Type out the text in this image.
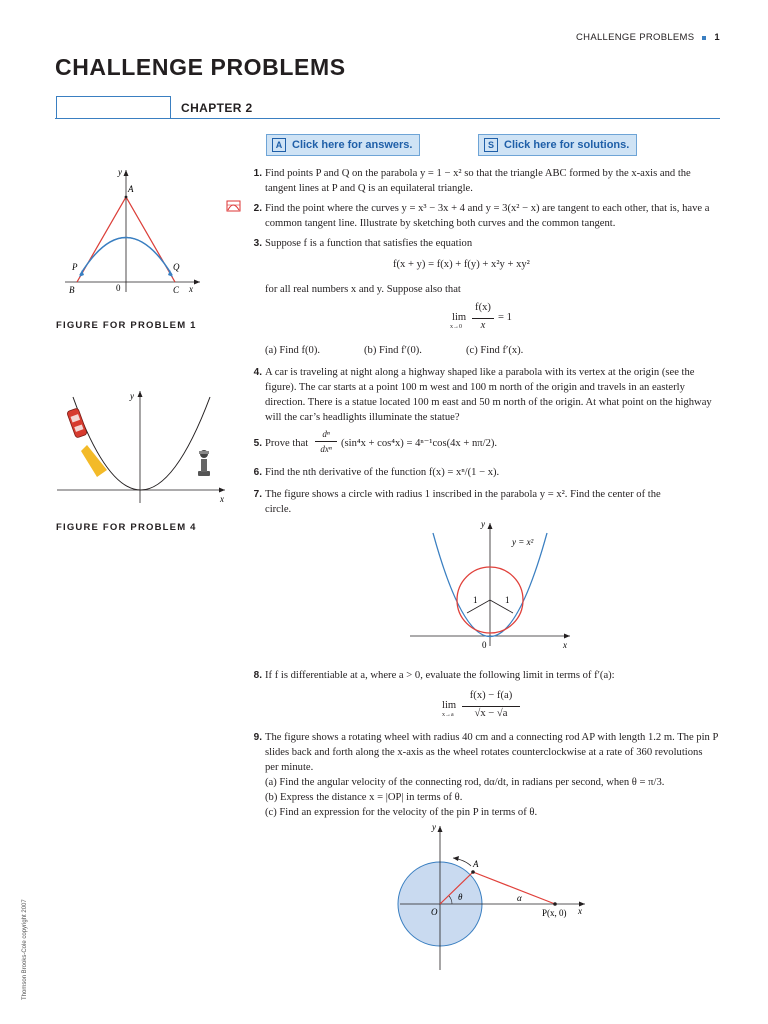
CHALLENGE PROBLEMS 1
CHALLENGE PROBLEMS
CHAPTER 2
A Click here for answers.	S Click here for solutions.
y
A
P	Q
B	0	C x
FIGURE FOR PROBLEM 1
y
x
FIGURE FOR PROBLEM 4
1. Find points P and Q on the parabola y = 1 − x² so that the triangle ABC formed by the x-axis and the tangent lines at P and Q is an equilateral triangle.
2. Find the point where the curves y = x³ − 3x + 4 and y = 3(x² − x) are tangent to each other, that is, have a common tangent line. Illustrate by sketching both curves and the common tangent.
3. Suppose f is a function that satisfies the equation
f(x + y) = f(x) + f(y) + x²y + xy²
for all real numbers x and y. Suppose also that
lim
x→0
f(x)
x
= 1
(a) Find f(0).	(b) Find f′(0).	(c) Find f′(x).
4. A car is traveling at night along a highway shaped like a parabola with its vertex at the origin (see the figure). The car starts at a point 100 m west and 100 m north of the origin and travels in an easterly direction. There is a statue located 100 m east and 50 m north of the origin. At what point on the highway will the car’s headlights illuminate the statue?
5. Prove that
dⁿ
dxⁿ (sin⁴x + cos⁴x) = 4ⁿ⁻¹cos(4x + nπ/2).
6. Find the nth derivative of the function f(x) = xⁿ/(1 − x).
7. The figure shows a circle with radius 1 inscribed in the parabola y = x². Find the center of the circle.
y
y = x²
1	1
0	x
8. If f is differentiable at a, where a > 0, evaluate the following limit in terms of f′(a):
lim
x→a
f(x) − f(a)
√x − √a
9. The figure shows a rotating wheel with radius 40 cm and a connecting rod AP with length 1.2 m. The pin P slides back and forth along the x-axis as the wheel rotates counterclockwise at a rate of 360 revolutions per minute.
(a) Find the angular velocity of the connecting rod, dα/dt, in radians per second, when θ = π/3.
(b) Express the distance x = |OP| in terms of θ.
(c) Find an expression for the velocity of the pin P in terms of θ.
y
A
O
θ	α
P(x, 0) x
Thomson Brooks-Cole copyright 2007
